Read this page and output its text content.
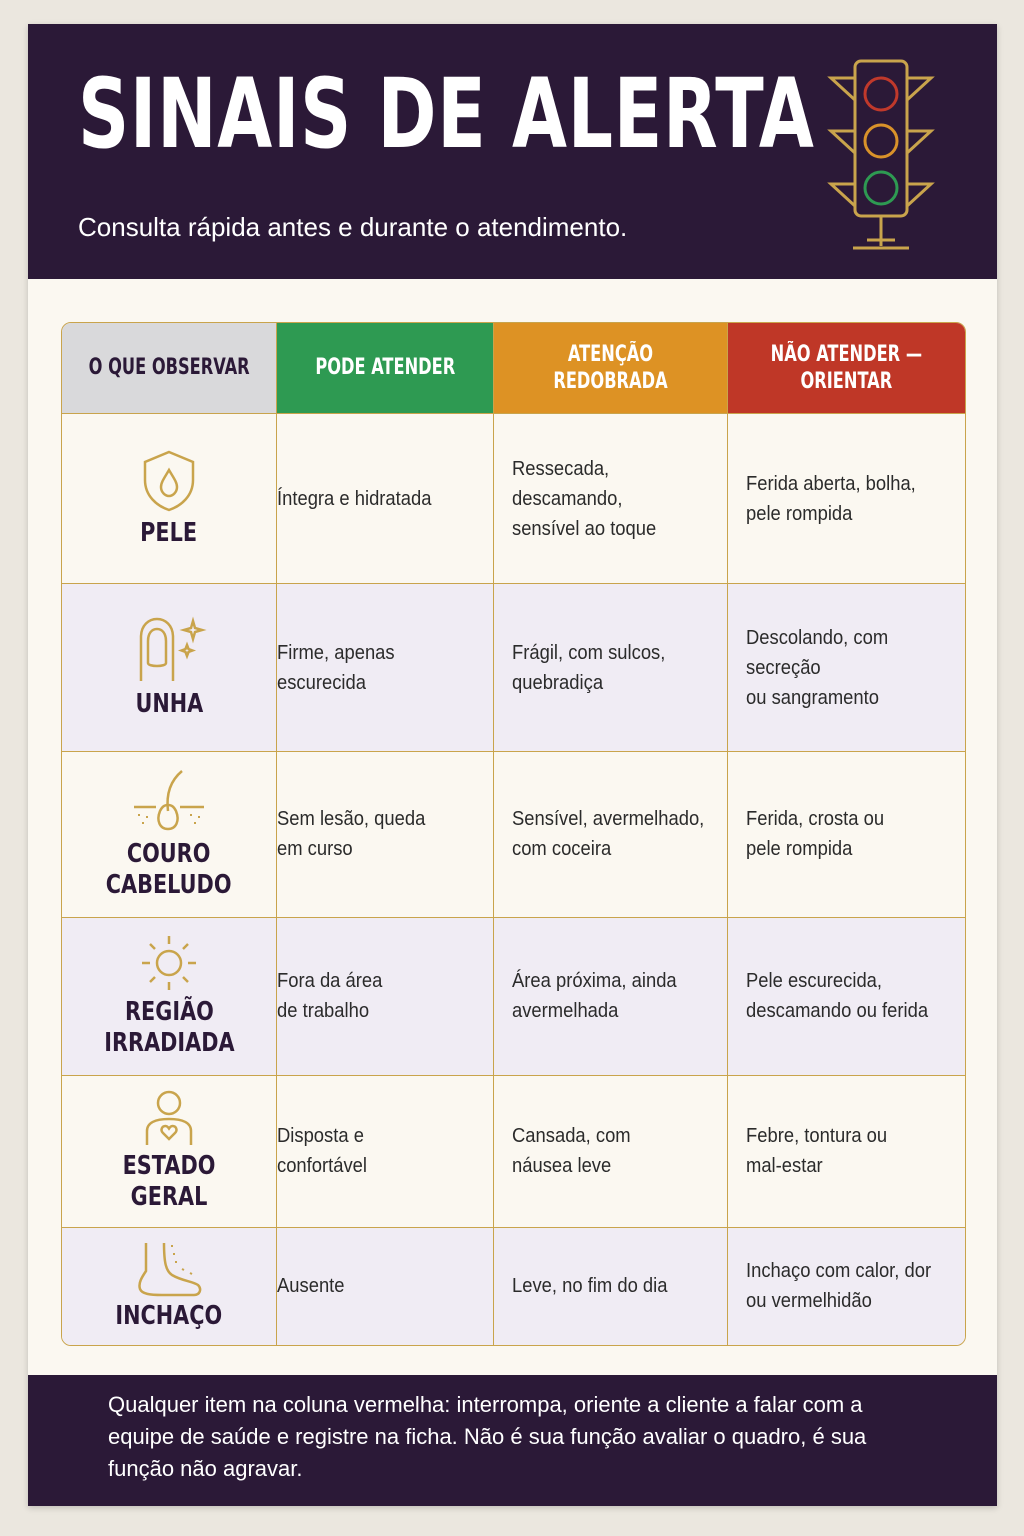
SINAIS DE ALERTA
Consulta rápida antes e durante o atendimento.
O QUE OBSERVAR	PODE ATENDER	ATENÇÃO REDOBRADA	NÃO ATENDER —
ORIENTAR

PELE	Íntegra e hidratada	Ressecada, descamando,
sensível ao toque	Ferida aberta, bolha,
pele rompida

UNHA	Firme, apenas
escurecida	Frágil, com sulcos,
quebradiça	Descolando, com secreção
ou sangramento

COURO
CABELUDO	Sem lesão, queda
em curso	Sensível, avermelhado,
com coceira	Ferida, crosta ou
pele rompida

REGIÃO
IRRADIADA	Fora da área
de trabalho	Área próxima, ainda
avermelhada	Pele escurecida,
descamando ou ferida

ESTADO
GERAL	Disposta e
confortável	Cansada, com
náusea leve	Febre, tontura ou
mal-estar

INCHAÇO	Ausente	Leve, no fim do dia	Inchaço com calor, dor
ou vermelhidão
Qualquer item na coluna vermelha: interrompa, oriente a cliente a falar com a equipe de saúde e registre na ficha. Não é sua função avaliar o quadro, é sua função não agravar.
